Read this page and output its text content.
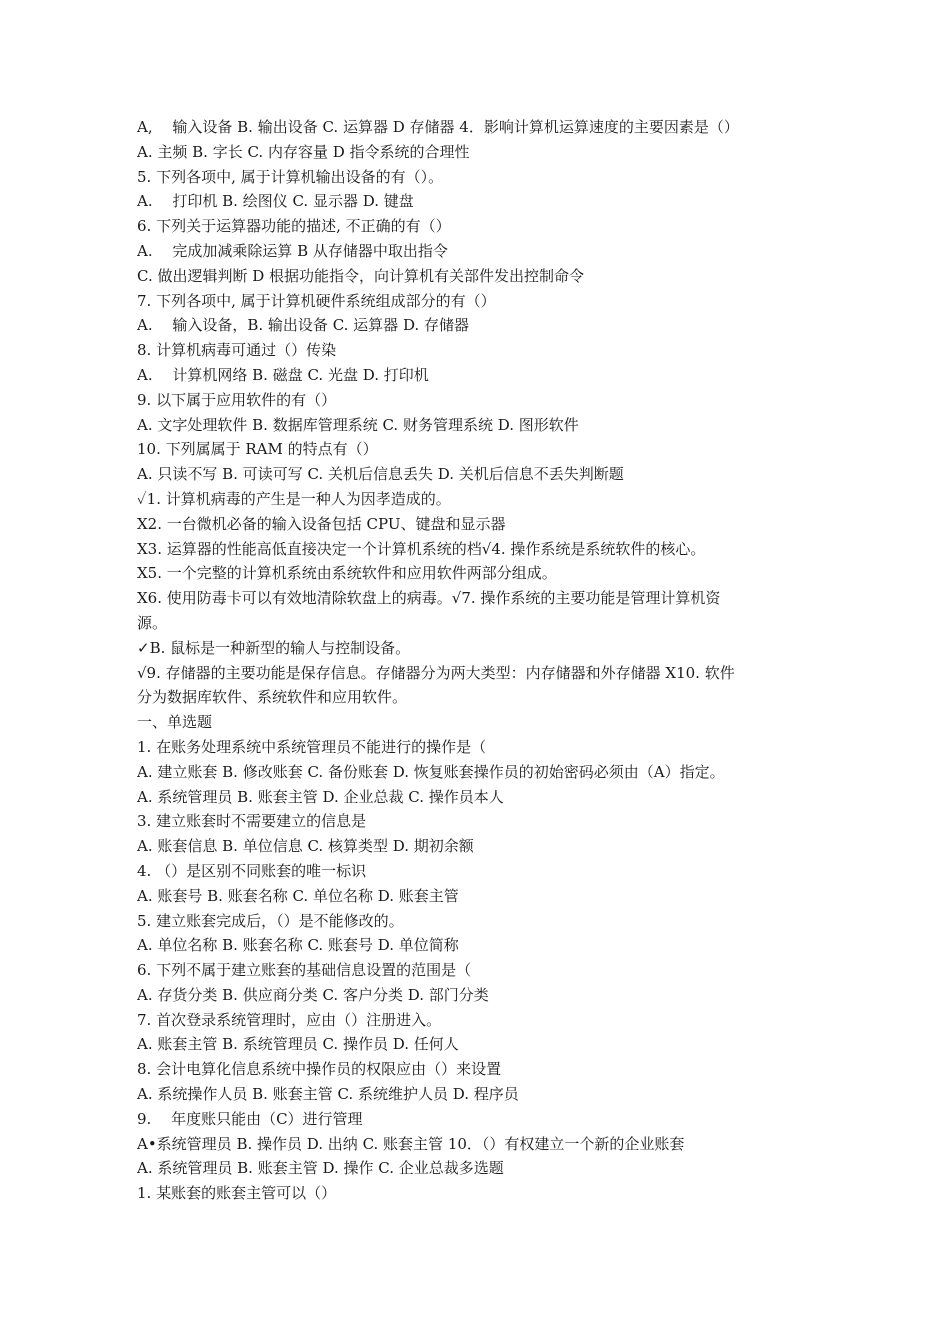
A,　 输入设备 B. 输出设备 C. 运算器 D 存储器 4．影响计算机运算速度的主要因素是（）
A. 主频 B. 字长 C. 内存容量 D 指令系统的合理性
5. 下列各项中, 属于计算机输出设备的有（）。
A.　 打印机 B. 绘图仪 C. 显示器 D. 键盘
6. 下列关于运算器功能的描述, 不正确的有（）
A.　 完成加减乘除运算 B 从存储器中取出指令
C. 做出逻辑判断 D 根据功能指令，向计算机有关部件发出控制命令
7. 下列各项中, 属于计算机硬件系统组成部分的有（）
A.　 输入设备，B. 输出设备 C. 运算器 D. 存储器
8. 计算机病毒可通过（）传染
A.　 计算机网络 B. 磁盘 C. 光盘 D. 打印机
9. 以下属于应用软件的有（）
A. 文字处理软件 B. 数据库管理系统 C. 财务管理系统 D. 图形软件
10. 下列属属于 RAM 的特点有（）
A. 只读不写 B. 可读可写 C. 关机后信息丢失 D. 关机后信息不丢失判断题
✓1. 计算机病毒的产生是一种人为因孝造成的。
X2. 一台微机必备的输入设备包括 CPU、键盘和显示器
X3. 运算器的性能高低直接决定一个计算机系统的档√4. 操作系统是系统软件的核心。
X5. 一个完整的计算机系统由系统软件和应用软件两部分组成。
X6. 使用防毒卡可以有效地清除软盘上的病毒。√7. 操作系统的主要功能是管理计算机资
源。
✓B. 鼠标是一种新型的输人与控制设备。
√9. 存储器的主要功能是保存信息。存储器分为两大类型：内存储器和外存储器 X10. 软件
分为数据库软件、系统软件和应用软件。
一、单选题
1. 在账务处理系统中系统管理员不能进行的操作是（
A. 建立账套 B. 修改账套 C. 备份账套 D. 恢复账套操作员的初始密码必须由（A）指定。
A. 系统管理员 B. 账套主管 D. 企业总裁 C. 操作员本人
3. 建立账套时不需要建立的信息是
A. 账套信息 B. 单位信息 C. 核算类型 D. 期初余额
4. （）是区别不同账套的唯一标识
A. 账套号 B. 账套名称 C. 单位名称 D. 账套主管
5. 建立账套完成后，（）是不能修改的。
A. 单位名称 B. 账套名称 C. 账套号 D. 单位简称
6. 下列不属于建立账套的基础信息设置的范围是（
A. 存货分类 B. 供应商分类 C. 客户分类 D. 部门分类
7. 首次登录系统管理时，应由（）注册进入。
A. 账套主管 B. 系统管理员 C. 操作员 D. 任何人
8. 会计电算化信息系统中操作员的权限应由（）来设置
A. 系统操作人员 B. 账套主管 C. 系统维护人员 D. 程序员
9.　 年度账只能由（C）进行管理
A•系统管理员 B. 操作员 D. 出纳 C. 账套主管 10．（）有权建立一个新的企业账套
A. 系统管理员 B. 账套主管 D. 操作 C. 企业总裁多选题
1. 某账套的账套主管可以（）
